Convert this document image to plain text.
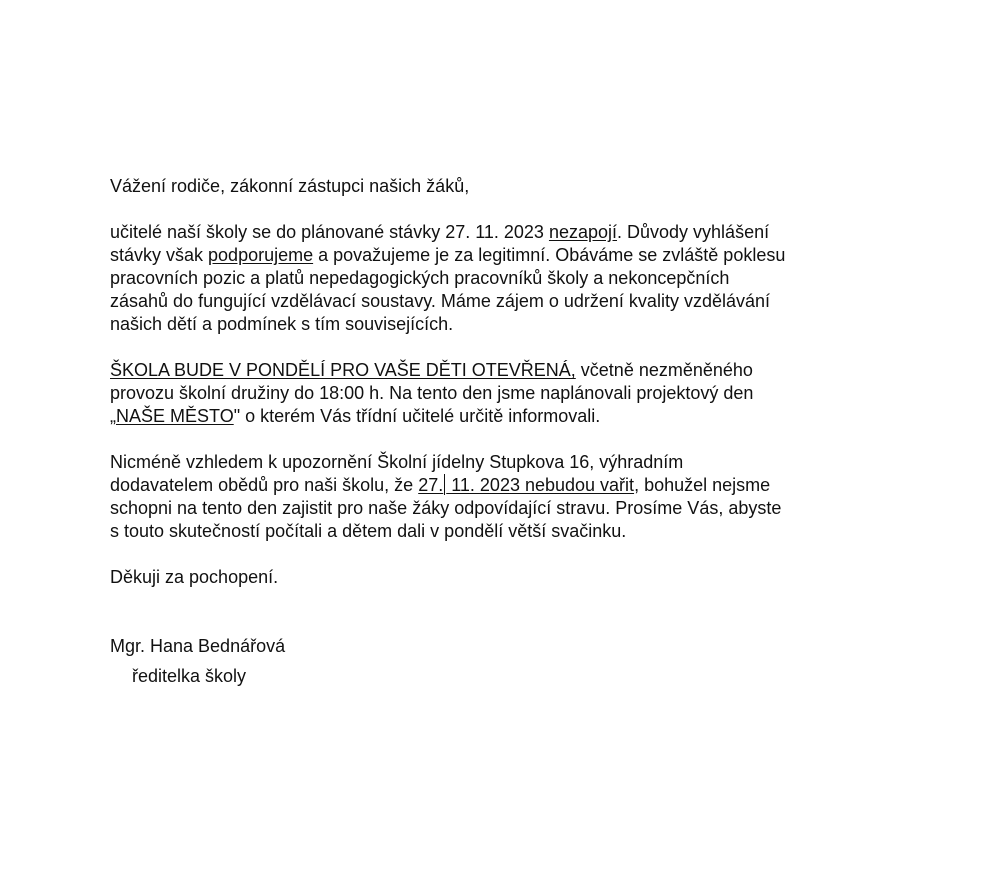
Vážení rodiče, zákonní zástupci našich žáků,

učitelé naší školy se do plánované stávky 27. 11. 2023 nezapojí. Důvody vyhlášení

stávky však podporujeme a považujeme je za legitimní. Obáváme se zvláště poklesu

pracovních pozic a platů nepedagogických pracovníků školy a nekoncepčních

zásahů do fungující vzdělávací soustavy. Máme zájem o udržení kvality vzdělávání

našich dětí a podmínek s tím souvisejících.

ŠKOLA BUDE V PONDĚLÍ PRO VAŠE DĚTI OTEVŘENÁ, včetně nezměněného

provozu školní družiny do 18:00 h. Na tento den jsme naplánovali projektový den

„NAŠE MĚSTO" o kterém Vás třídní učitelé určitě informovali.

Nicméně vzhledem k upozornění Školní jídelny Stupkova 16, výhradním

dodavatelem obědů pro naši školu, že 27. 11. 2023 nebudou vařit, bohužel nejsme

schopni na tento den zajistit pro naše žáky odpovídající stravu. Prosíme Vás, abyste

s touto skutečností počítali a dětem dali v pondělí větší svačinku.

Děkuji za pochopení.

Mgr. Hana Bednářová

ředitelka školy
